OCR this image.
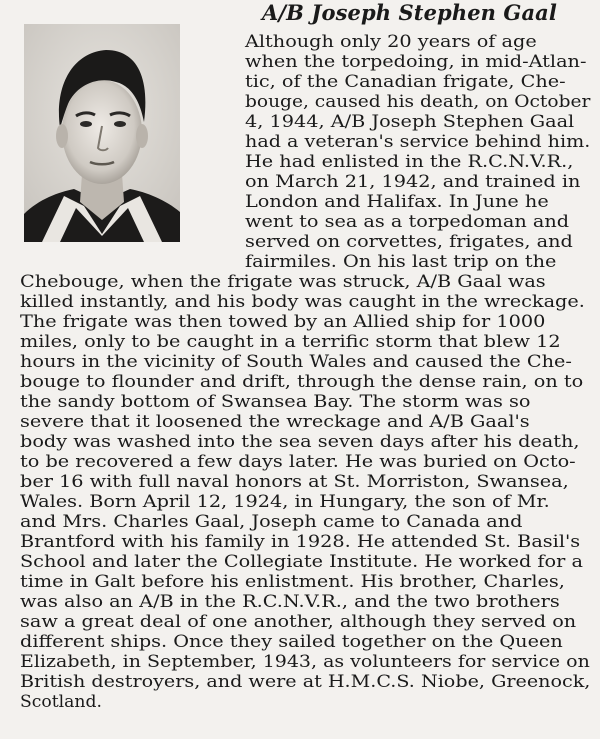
A/B Joseph Stephen Gaal
Although only 20 years of age
when the torpedoing, in mid-Atlan-
tic, of the Canadian frigate, Che-
bouge, caused his death, on October
4, 1944, A/B Joseph Stephen Gaal
had a veteran's service behind him.
He had enlisted in the R.C.N.V.R.,
on March 21, 1942, and trained in
London and Halifax. In June he
went to sea as a torpedoman and
served on corvettes, frigates, and
fairmiles. On his last trip on the
Chebouge, when the frigate was struck, A/B Gaal was
killed instantly, and his body was caught in the wreckage.
The frigate was then towed by an Allied ship for 1000
miles, only to be caught in a terrific storm that blew 12
hours in the vicinity of South Wales and caused the Che-
bouge to flounder and drift, through the dense rain, on to
the sandy bottom of Swansea Bay. The storm was so
severe that it loosened the wreckage and A/B Gaal's
body was washed into the sea seven days after his death,
to be recovered a few days later. He was buried on Octo-
ber 16 with full naval honors at St. Morriston, Swansea,
Wales. Born April 12, 1924, in Hungary, the son of Mr.
and Mrs. Charles Gaal, Joseph came to Canada and
Brantford with his family in 1928. He attended St. Basil's
School and later the Collegiate Institute. He worked for a
time in Galt before his enlistment. His brother, Charles,
was also an A/B in the R.C.N.V.R., and the two brothers
saw a great deal of one another, although they served on
different ships. Once they sailed together on the Queen
Elizabeth, in September, 1943, as volunteers for service on
British destroyers, and were at H.M.C.S. Niobe, Greenock,
Scotland.
